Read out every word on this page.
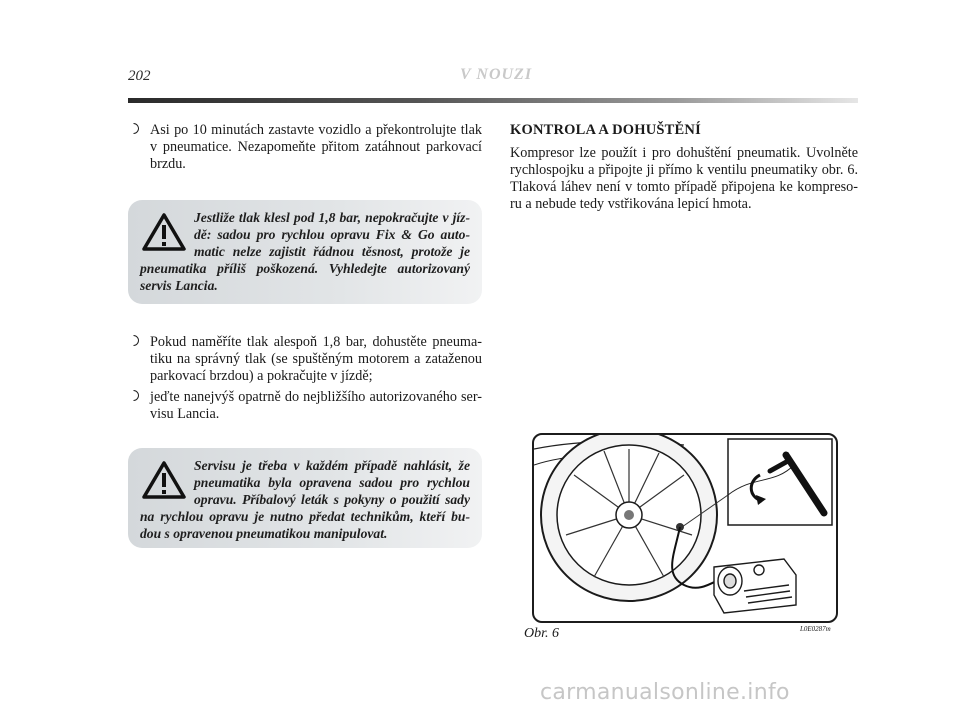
202	V NOUZI

Asi po 10 minutách zastavte vozidlo a překontrolujte tlak v pneumatice. Nezapomeňte přitom zatáhnout parkovací brzdu.

Jestliže tlak klesl pod 1,8 bar, nepokračujte v jíz-dě: sadou pro rychlou opravu Fix & Go auto-matic nelze zajistit řádnou těsnost, protože je pneumatika příliš poškozená. Vyhledejte autorizovaný servis Lancia.

Pokud naměříte tlak alespoň 1,8 bar, dohustěte pneuma-tiku na správný tlak (se spuštěným motorem a zataženou parkovací brzdou) a pokračujte v jízdě;

jeďte nanejvýš opatrně do nejbližšího autorizovaného ser-visu Lancia.

Servisu je třeba v každém případě nahlásit, že pneumatika byla opravena sadou pro rychlou opravu. Příbalový leták s pokyny o použití sady na rychlou opravu je nutno předat technikům, kteří bu-dou s opravenou pneumatikou manipulovat.
KONTROLA A DOHUŠTĚNÍ

Kompresor lze použít i pro dohuštění pneumatik. Uvolněte rychlospojku a připojte ji přímo k ventilu pneumatiky obr. 6. Tlaková láhev není v tomto případě připojena ke kompreso-ru a nebude tedy vstřikována lepicí hmota.

Obr. 6	L0E0287m
carmanualsonline.info
